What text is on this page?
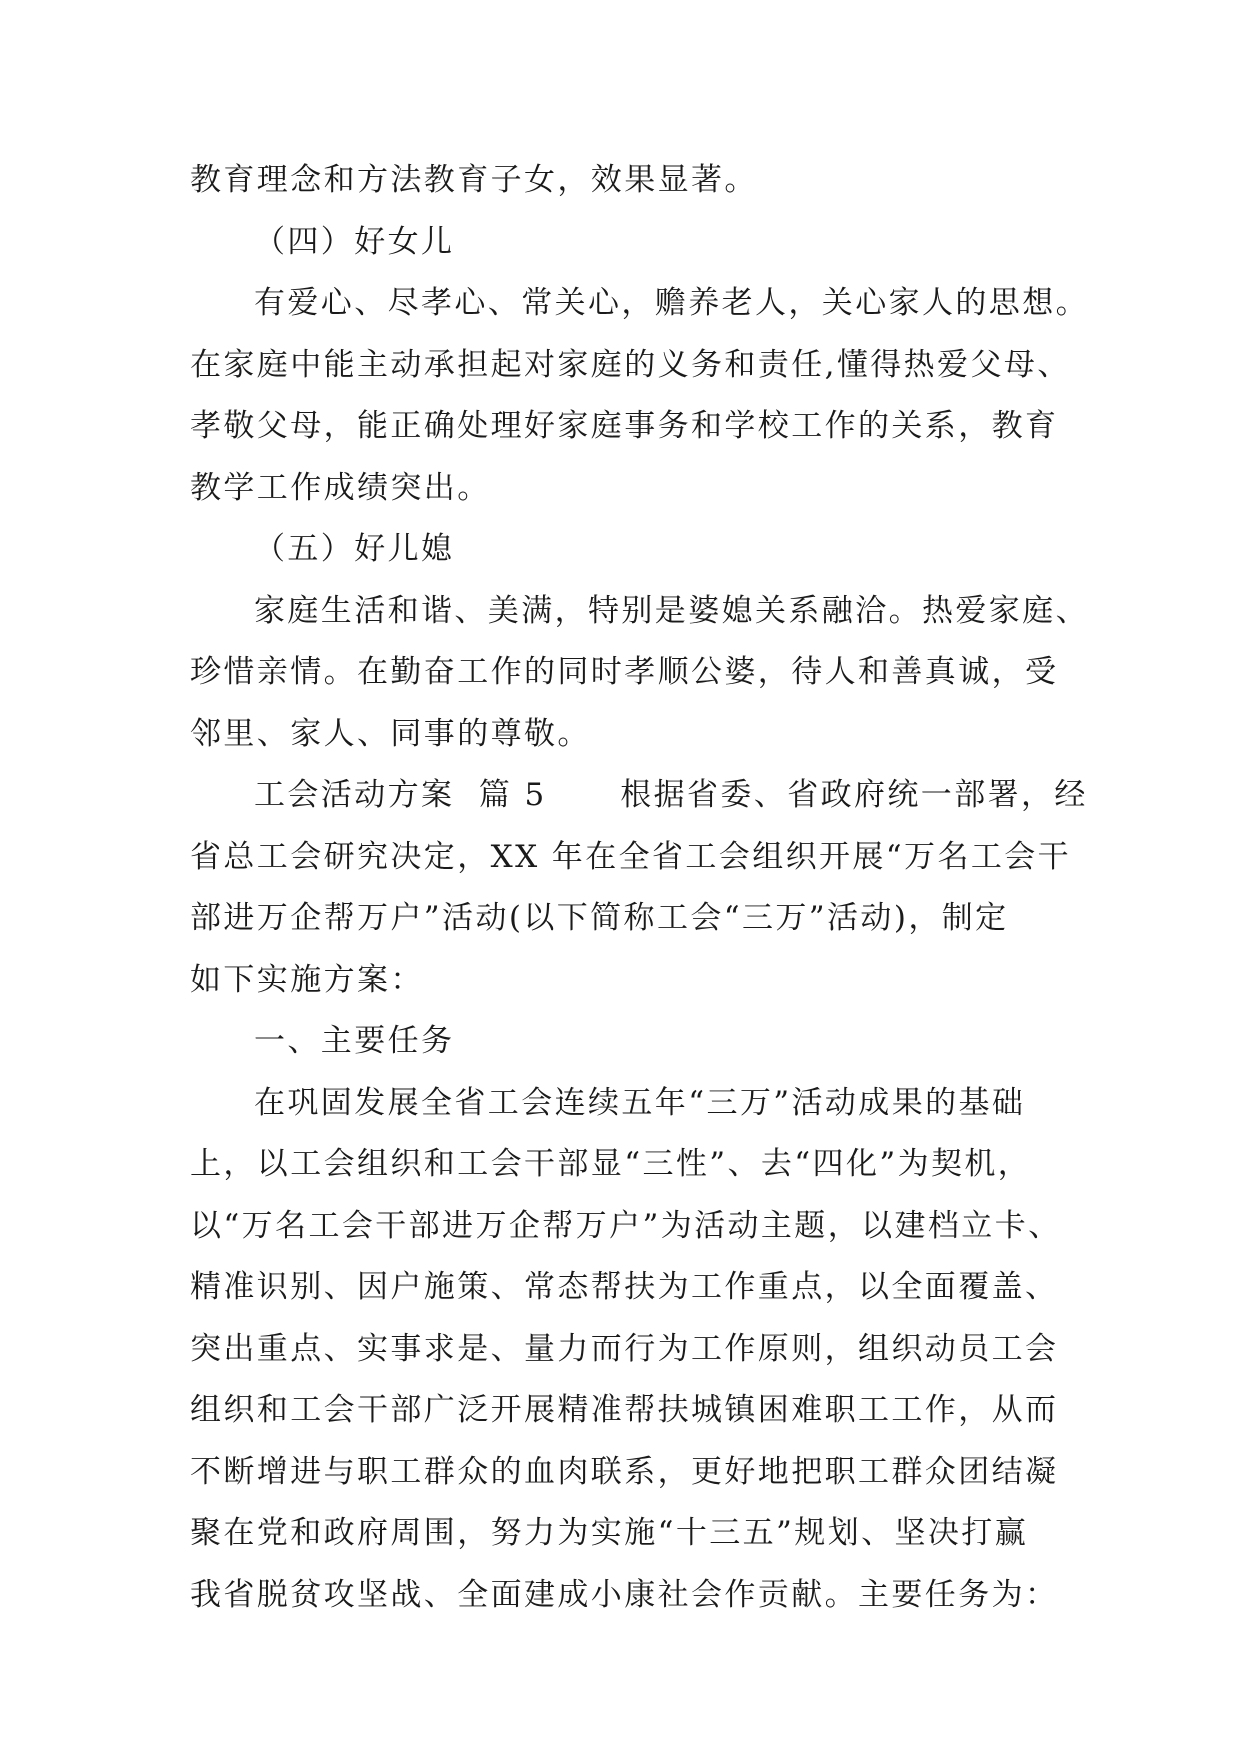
教育理念和方法教育子女，效果显著。
（四）好女儿
有爱心、尽孝心、常关心，赡养老人，关心家人的思想。
在家庭中能主动承担起对家庭的义务和责任,懂得热爱父母、
孝敬父母，能正确处理好家庭事务和学校工作的关系，教育
教学工作成绩突出。
（五）好儿媳
家庭生活和谐、美满，特别是婆媳关系融洽。热爱家庭、
珍惜亲情。在勤奋工作的同时孝顺公婆，待人和善真诚，受
邻里、家人、同事的尊敬。
工会活动方案  篇 5      根据省委、省政府统一部署，经
省总工会研究决定，XX 年在全省工会组织开展“万名工会干
部进万企帮万户”活动(以下简称工会“三万”活动)，制定
如下实施方案：
一、主要任务
在巩固发展全省工会连续五年“三万”活动成果的基础
上，以工会组织和工会干部显“三性”、去“四化”为契机，
以“万名工会干部进万企帮万户”为活动主题，以建档立卡、
精准识别、因户施策、常态帮扶为工作重点，以全面覆盖、
突出重点、实事求是、量力而行为工作原则，组织动员工会
组织和工会干部广泛开展精准帮扶城镇困难职工工作，从而
不断增进与职工群众的血肉联系，更好地把职工群众团结凝
聚在党和政府周围，努力为实施“十三五”规划、坚决打赢
我省脱贫攻坚战、全面建成小康社会作贡献。主要任务为：
